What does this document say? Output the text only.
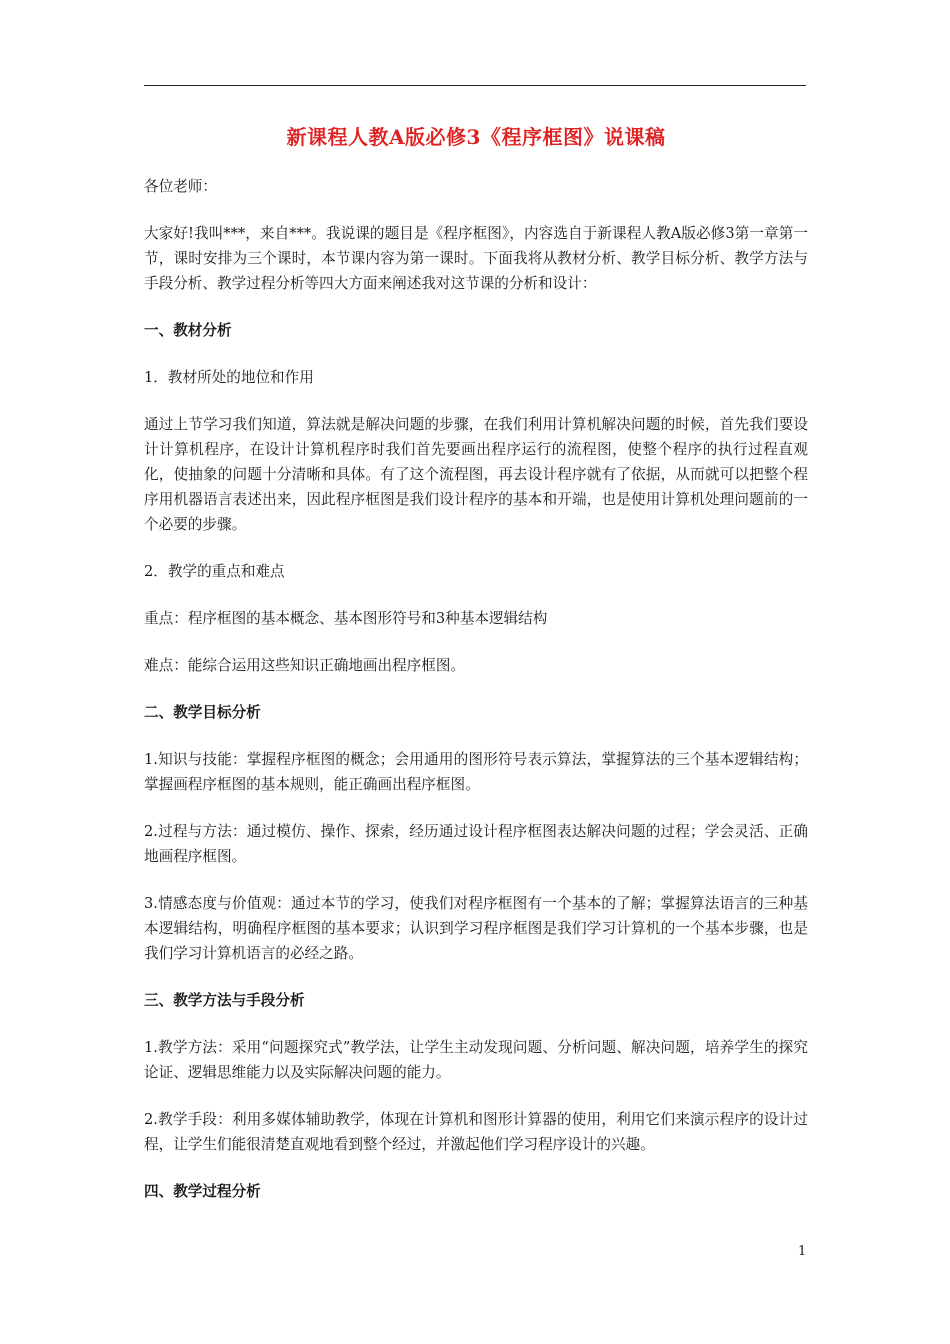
新课程人教A版必修3《程序框图》说课稿

各位老师：

大家好!我叫***，来自***。我说课的题目是《程序框图》，内容选自于新课程人教A版必修3第一章第一节，课时安排为三个课时，本节课内容为第一课时。下面我将从教材分析、教学目标分析、教学方法与手段分析、教学过程分析等四大方面来阐述我对这节课的分析和设计：

一、教材分析

1．教材所处的地位和作用

通过上节学习我们知道，算法就是解决问题的步骤，在我们利用计算机解决问题的时候，首先我们要设计计算机程序，在设计计算机程序时我们首先要画出程序运行的流程图，使整个程序的执行过程直观化，使抽象的问题十分清晰和具体。有了这个流程图，再去设计程序就有了依据，从而就可以把整个程序用机器语言表述出来，因此程序框图是我们设计程序的基本和开端，也是使用计算机处理问题前的一个必要的步骤。

2．教学的重点和难点

重点：程序框图的基本概念、基本图形符号和3种基本逻辑结构

难点：能综合运用这些知识正确地画出程序框图。

二、教学目标分析

1.知识与技能：掌握程序框图的概念；会用通用的图形符号表示算法，掌握算法的三个基本逻辑结构；掌握画程序框图的基本规则，能正确画出程序框图。

2.过程与方法：通过模仿、操作、探索，经历通过设计程序框图表达解决问题的过程；学会灵活、正确地画程序框图。

3.情感态度与价值观：通过本节的学习，使我们对程序框图有一个基本的了解；掌握算法语言的三种基本逻辑结构，明确程序框图的基本要求；认识到学习程序框图是我们学习计算机的一个基本步骤，也是我们学习计算机语言的必经之路。

三、教学方法与手段分析

1.教学方法：采用“问题探究式”教学法，让学生主动发现问题、分析问题、解决问题，培养学生的探究论证、逻辑思维能力以及实际解决问题的能力。

2.教学手段：利用多媒体辅助教学，体现在计算机和图形计算器的使用，利用它们来演示程序的设计过程，让学生们能很清楚直观地看到整个经过，并激起他们学习程序设计的兴趣。

四、教学过程分析

1
